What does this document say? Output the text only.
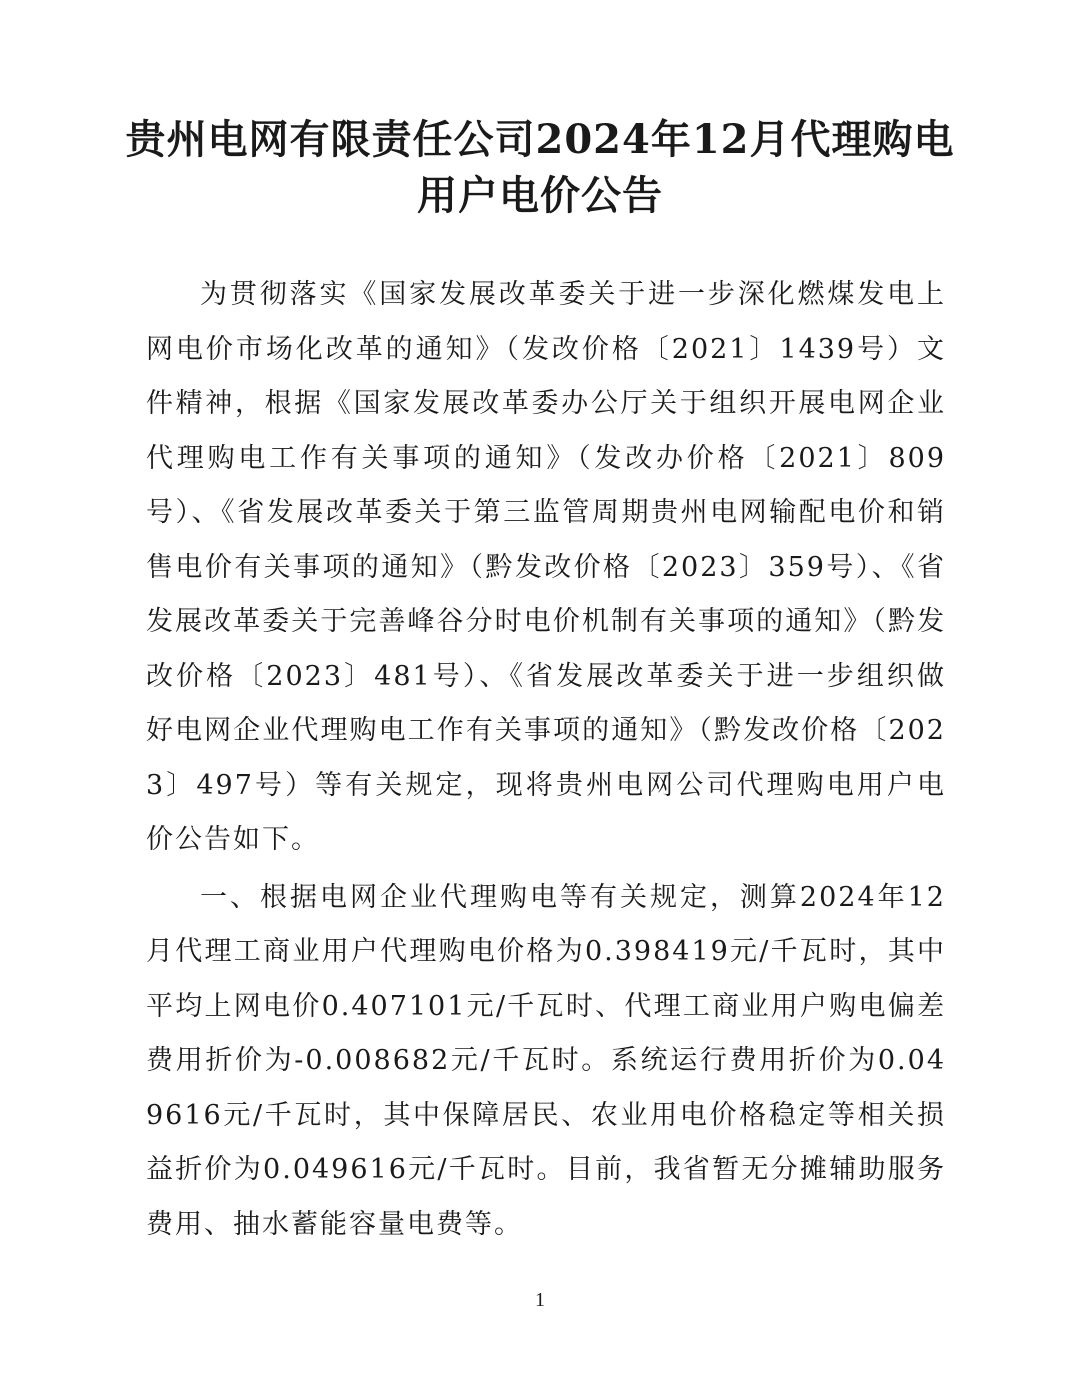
贵州电网有限责任公司2024年12月代理购电
用户电价公告

为贯彻落实《国家发展改革委关于进一步深化燃煤发电上网电价市场化改革的通知》（发改价格〔2021〕1439号）文件精神，根据《国家发展改革委办公厅关于组织开展电网企业代理购电工作有关事项的通知》（发改办价格〔2021〕809号）、《省发展改革委关于第三监管周期贵州电网输配电价和销售电价有关事项的通知》（黔发改价格〔2023〕359号）、《省发展改革委关于完善峰谷分时电价机制有关事项的通知》（黔发改价格〔2023〕481号）、《省发展改革委关于进一步组织做好电网企业代理购电工作有关事项的通知》（黔发改价格〔2023〕497号）等有关规定，现将贵州电网公司代理购电用户电价公告如下。

一、根据电网企业代理购电等有关规定，测算2024年12月代理工商业用户代理购电价格为0.398419元/千瓦时，其中平均上网电价0.407101元/千瓦时、代理工商业用户购电偏差费用折价为-0.008682元/千瓦时。系统运行费用折价为0.049616元/千瓦时，其中保障居民、农业用电价格稳定等相关损益折价为0.049616元/千瓦时。目前，我省暂无分摊辅助服务费用、抽水蓄能容量电费等。

1
